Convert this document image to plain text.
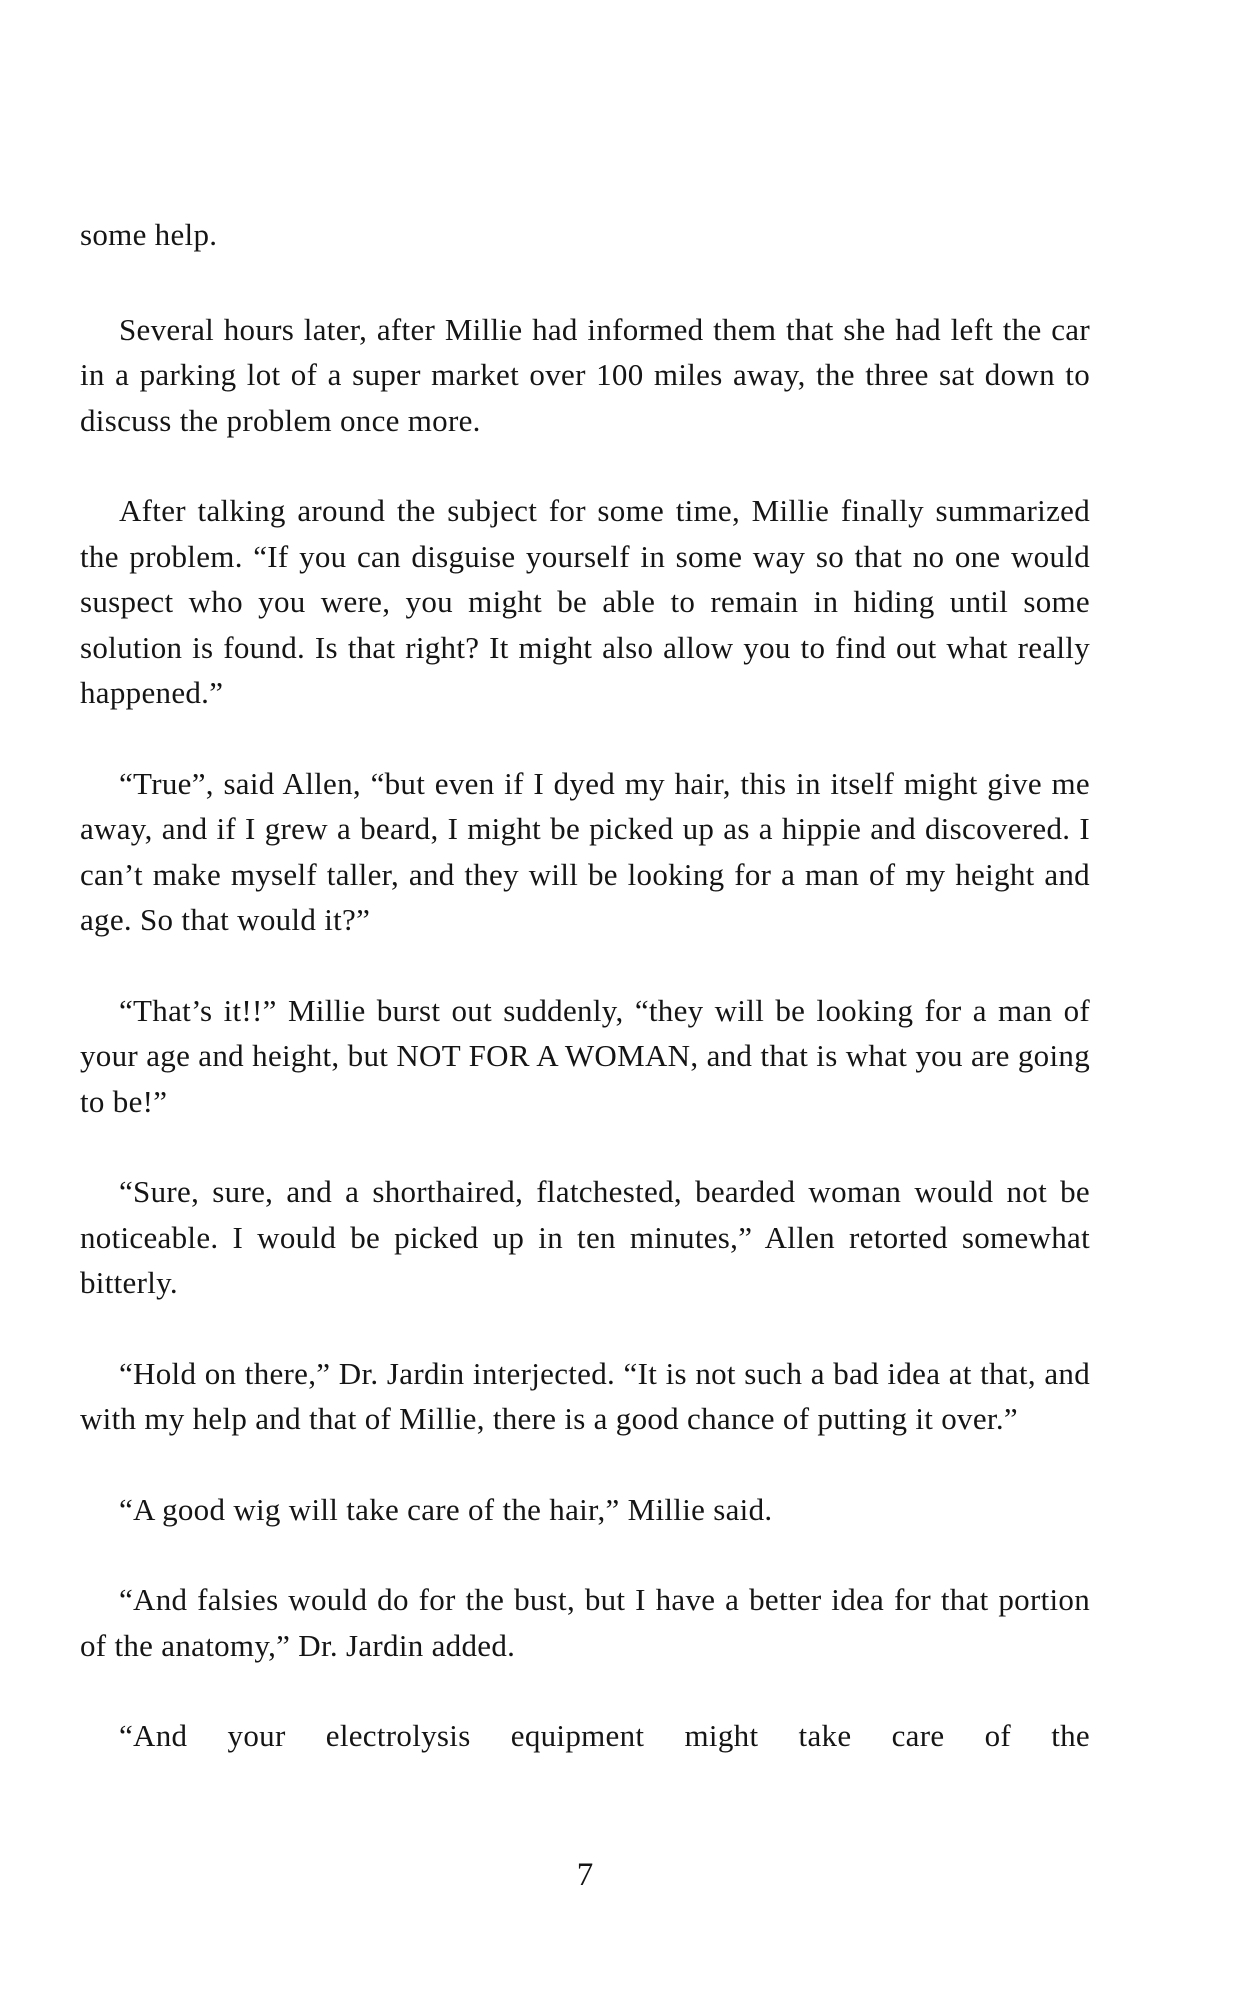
some help.

Several hours later, after Millie had informed them that she had left the car in a parking lot of a super market over 100 miles away, the three sat down to discuss the problem once more.

After talking around the subject for some time, Millie finally summarized the problem. “If you can disguise yourself in some way so that no one would suspect who you were, you might be able to remain in hiding until some solution is found. Is that right? It might also allow you to find out what really happened.”

“True”, said Allen, “but even if I dyed my hair, this in itself might give me away, and if I grew a beard, I might be picked up as a hippie and discovered. I can’t make myself taller, and they will be looking for a man of my height and age. So that would it?”

“That’s it!!” Millie burst out suddenly, “they will be looking for a man of your age and height, but NOT FOR A WOMAN, and that is what you are going to be!”

“Sure, sure, and a shorthaired, flatchested, bearded woman would not be noticeable. I would be picked up in ten minutes,” Allen retorted somewhat bitterly.

“Hold on there,” Dr. Jardin interjected. “It is not such a bad idea at that, and with my help and that of Millie, there is a good chance of putting it over.”

“A good wig will take care of the hair,” Millie said.

“And falsies would do for the bust, but I have a better idea for that portion of the anatomy,” Dr. Jardin added.

“And your electrolysis equipment might take care of the

7
